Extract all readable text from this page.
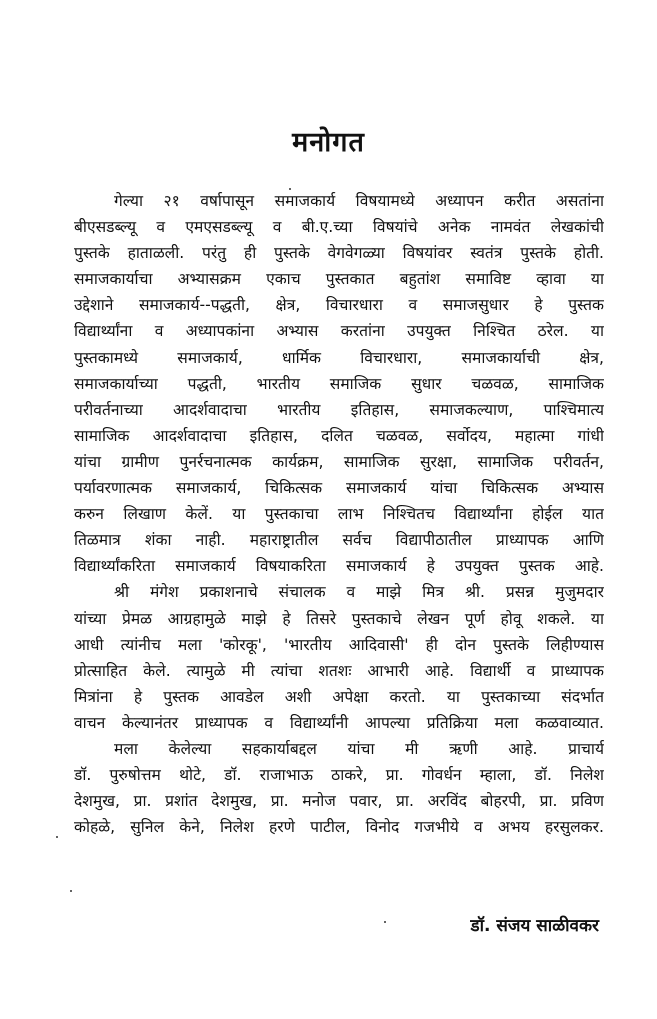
मनोगत

गेल्या २१ वर्षापासून समाजकार्य विषयामध्ये अध्यापन करीत असतांना

बीएसडब्ल्यू व एमएसडब्ल्यू व बी.ए.च्या विषयांचे अनेक नामवंत लेखकांची

पुस्तके हाताळली. परंतु ही पुस्तके वेगवेगळ्या विषयांवर स्वतंत्र पुस्तके होती.

समाजकार्याचा अभ्यासक्रम एकाच पुस्तकात बहुतांश समाविष्ट व्हावा या

उद्देशाने समाजकार्य--पद्धती, क्षेत्र, विचारधारा व समाजसुधार हे पुस्तक

विद्यार्थ्यांना व अध्यापकांना अभ्यास करतांना उपयुक्त निश्चित ठरेल. या

पुस्तकामध्ये समाजकार्य, धार्मिक विचारधारा, समाजकार्याची क्षेत्र,

समाजकार्याच्या पद्धती, भारतीय समाजिक सुधार चळवळ, सामाजिक

परीवर्तनाच्या आदर्शवादाचा भारतीय इतिहास, समाजकल्याण, पाश्चिमात्य

सामाजिक आदर्शवादाचा इतिहास, दलित चळवळ, सर्वोदय, महात्मा गांधी

यांचा ग्रामीण पुनर्रचनात्मक कार्यक्रम, सामाजिक सुरक्षा, सामाजिक परीवर्तन,

पर्यावरणात्मक समाजकार्य, चिकित्सक समाजकार्य यांचा चिकित्सक अभ्यास

करुन लिखाण केलें. या पुस्तकाचा लाभ निश्चितच विद्यार्थ्यांना होईल यात

तिळमात्र शंका नाही. महाराष्ट्रातील सर्वच विद्यापीठातील प्राध्यापक आणि

विद्यार्थ्यांकरिता समाजकार्य विषयाकरिता समाजकार्य हे उपयुक्त पुस्तक आहे.

श्री मंगेश प्रकाशनाचे संचालक व माझे मित्र श्री. प्रसन्न मुजुमदार

यांच्या प्रेमळ आग्रहामुळे माझे हे तिसरे पुस्तकाचे लेखन पूर्ण होवू शकले. या

आधी त्यांनीच मला 'कोरकू', 'भारतीय आदिवासी' ही दोन पुस्तके लिहीण्यास

प्रोत्साहित केले. त्यामुळे मी त्यांचा शतशः आभारी आहे. विद्यार्थी व प्राध्यापक

मित्रांना हे पुस्तक आवडेल अशी अपेक्षा करतो. या पुस्तकाच्या संदर्भात

वाचन केल्यानंतर प्राध्यापक व विद्यार्थ्यांनी आपल्या प्रतिक्रिया मला कळवाव्यात.

मला केलेल्या सहकार्याबद्दल यांचा मी ऋणी आहे. प्राचार्य

डॉ. पुरुषोत्तम थोटे, डॉ. राजाभाऊ ठाकरे, प्रा. गोवर्धन म्हाला, डॉ. निलेश

देशमुख, प्रा. प्रशांत देशमुख, प्रा. मनोज पवार, प्रा. अरविंद बोहरपी, प्रा. प्रविण

कोहळे, सुनिल केने, निलेश हरणे पाटील, विनोद गजभीये व अभय हरसुलकर.

डॉ. संजय साळीवकर
